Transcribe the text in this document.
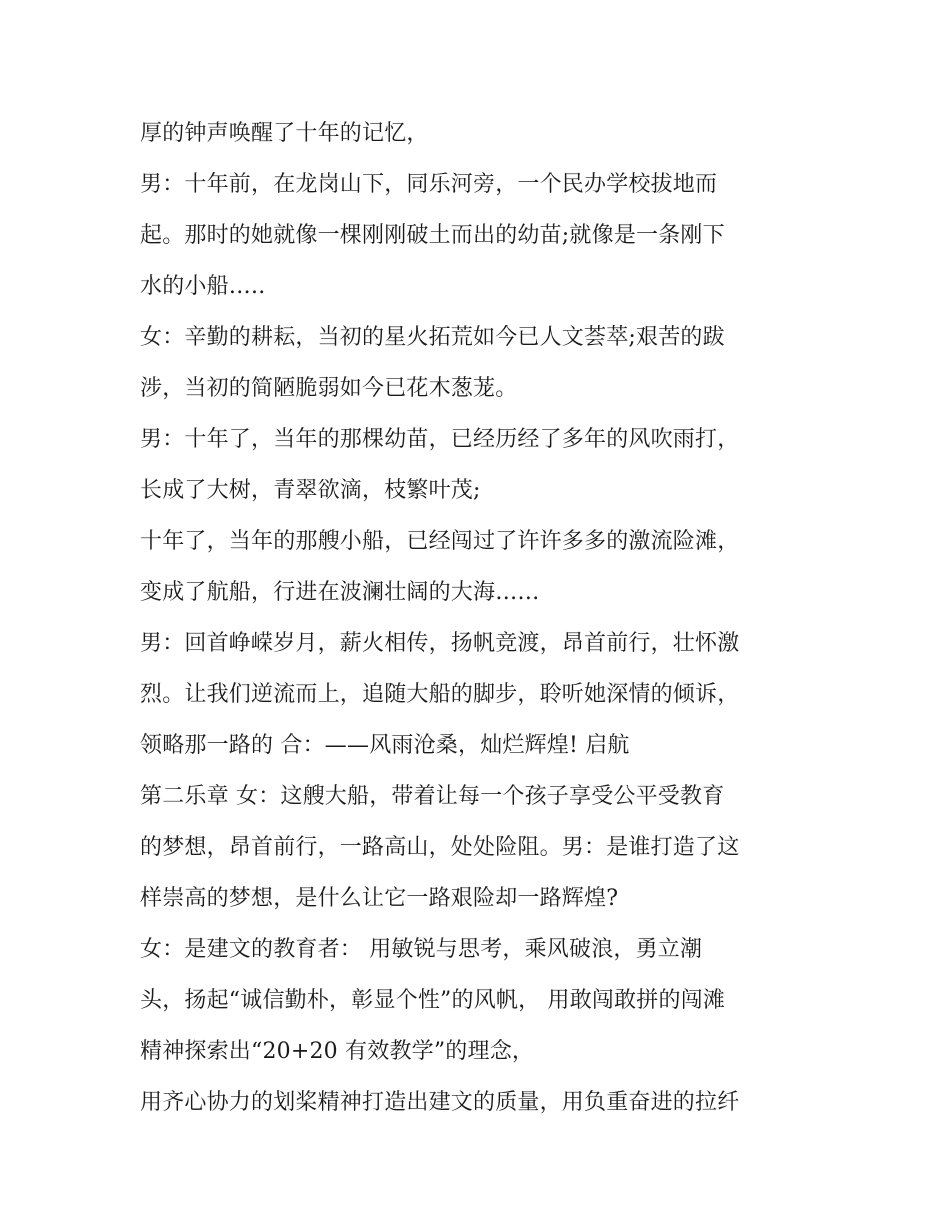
厚的钟声唤醒了十年的记忆，
男：十年前，在龙岗山下，同乐河旁，一个民办学校拔地而
起。那时的她就像一棵刚刚破土而出的幼苗;就像是一条刚下
水的小船…..
女：辛勤的耕耘，当初的星火拓荒如今已人文荟萃;艰苦的跋
涉，当初的简陋脆弱如今已花木葱茏。
男：十年了，当年的那棵幼苗，已经历经了多年的风吹雨打，
长成了大树，青翠欲滴，枝繁叶茂;
十年了，当年的那艘小船，已经闯过了许许多多的激流险滩，
变成了航船，行进在波澜壮阔的大海……
男：回首峥嵘岁月，薪火相传，扬帆竞渡，昂首前行，壮怀激
烈。让我们逆流而上，追随大船的脚步，聆听她深情的倾诉，
领略那一路的 合：——风雨沧桑，灿烂辉煌! 启航
第二乐章 女：这艘大船，带着让每一个孩子享受公平受教育
的梦想，昂首前行，一路高山，处处险阻。男：是谁打造了这
样崇高的梦想，是什么让它一路艰险却一路辉煌?
女：是建文的教育者： 用敏锐与思考，乘风破浪，勇立潮
头，扬起“诚信勤朴，彰显个性”的风帆， 用敢闯敢拼的闯滩
精神探索出“20+20 有效教学”的理念，
用齐心协力的划桨精神打造出建文的质量，用负重奋进的拉纤
